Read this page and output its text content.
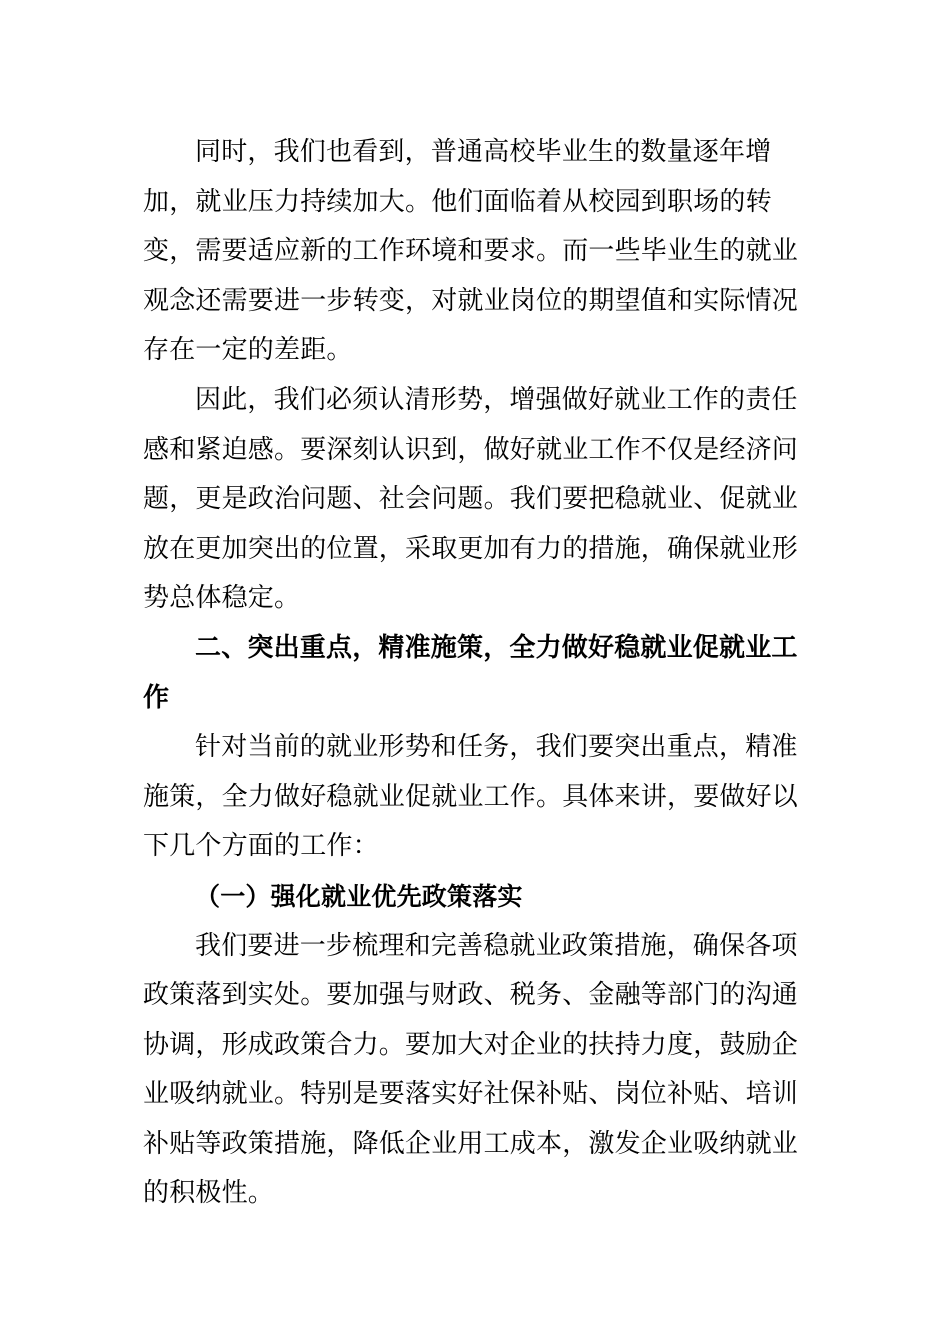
同时，我们也看到，普通高校毕业生的数量逐年增加，就业压力持续加大。他们面临着从校园到职场的转变，需要适应新的工作环境和要求。而一些毕业生的就业观念还需要进一步转变，对就业岗位的期望值和实际情况存在一定的差距。

因此，我们必须认清形势，增强做好就业工作的责任感和紧迫感。要深刻认识到，做好就业工作不仅是经济问题，更是政治问题、社会问题。我们要把稳就业、促就业放在更加突出的位置，采取更加有力的措施，确保就业形势总体稳定。

二、突出重点，精准施策，全力做好稳就业促就业工作

针对当前的就业形势和任务，我们要突出重点，精准施策，全力做好稳就业促就业工作。具体来讲，要做好以下几个方面的工作：

（一）强化就业优先政策落实

我们要进一步梳理和完善稳就业政策措施，确保各项政策落到实处。要加强与财政、税务、金融等部门的沟通协调，形成政策合力。要加大对企业的扶持力度，鼓励企业吸纳就业。特别是要落实好社保补贴、岗位补贴、培训补贴等政策措施，降低企业用工成本，激发企业吸纳就业的积极性。
